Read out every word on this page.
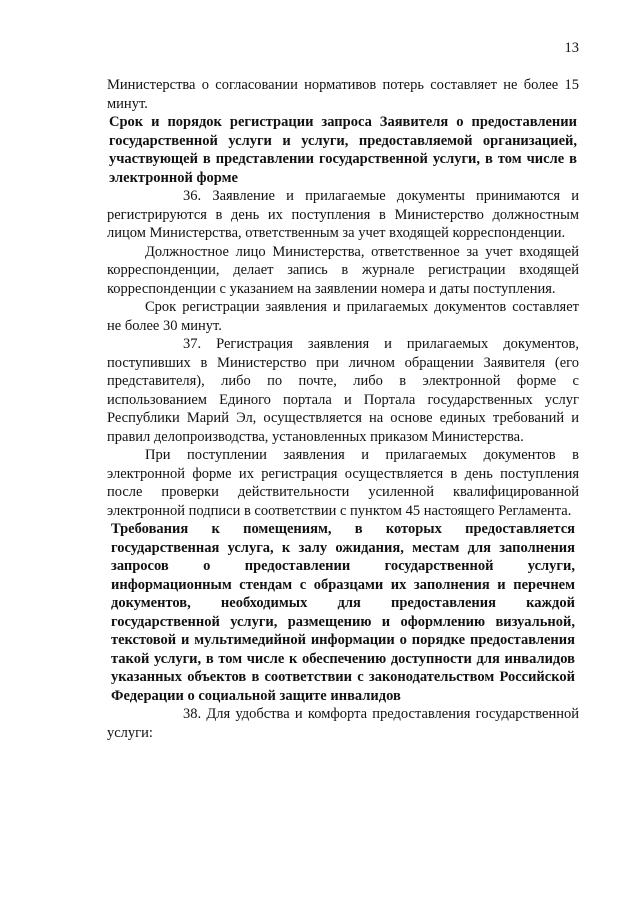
13

Министерства о согласовании нормативов потерь составляет не более 15 минут.

Срок и порядок регистрации запроса Заявителя о предоставлении государственной услуги и услуги, предоставляемой организацией, участвующей в представлении государственной услуги, в том числе в электронной форме

36. Заявление и прилагаемые документы принимаются и регистрируются в день их поступления в Министерство должностным лицом Министерства, ответственным за учет входящей корреспонденции.

Должностное лицо Министерства, ответственное за учет входящей корреспонденции, делает запись в журнале регистрации входящей корреспонденции с указанием на заявлении номера и даты поступления.

Срок регистрации заявления и прилагаемых документов составляет не более 30 минут.

37. Регистрация заявления и прилагаемых документов, поступивших в Министерство при личном обращении Заявителя (его представителя), либо по почте, либо в электронной форме с использованием Единого портала и Портала государственных услуг Республики Марий Эл, осуществляется на основе единых требований и правил делопроизводства, установленных приказом Министерства.

При поступлении заявления и прилагаемых документов в электронной форме их регистрация осуществляется в день поступления после проверки действительности усиленной квалифицированной электронной подписи в соответствии с пунктом 45 настоящего Регламента.

Требования к помещениям, в которых предоставляется государственная услуга, к залу ожидания, местам для заполнения запросов о предоставлении государственной услуги, информационным стендам с образцами их заполнения и перечнем документов, необходимых для предоставления каждой государственной услуги, размещению и оформлению визуальной, текстовой и мультимедийной информации о порядке предоставления такой услуги, в том числе к обеспечению доступности для инвалидов указанных объектов в соответствии с законодательством Российской Федерации о социальной защите инвалидов

38. Для удобства и комфорта предоставления государственной услуги:
